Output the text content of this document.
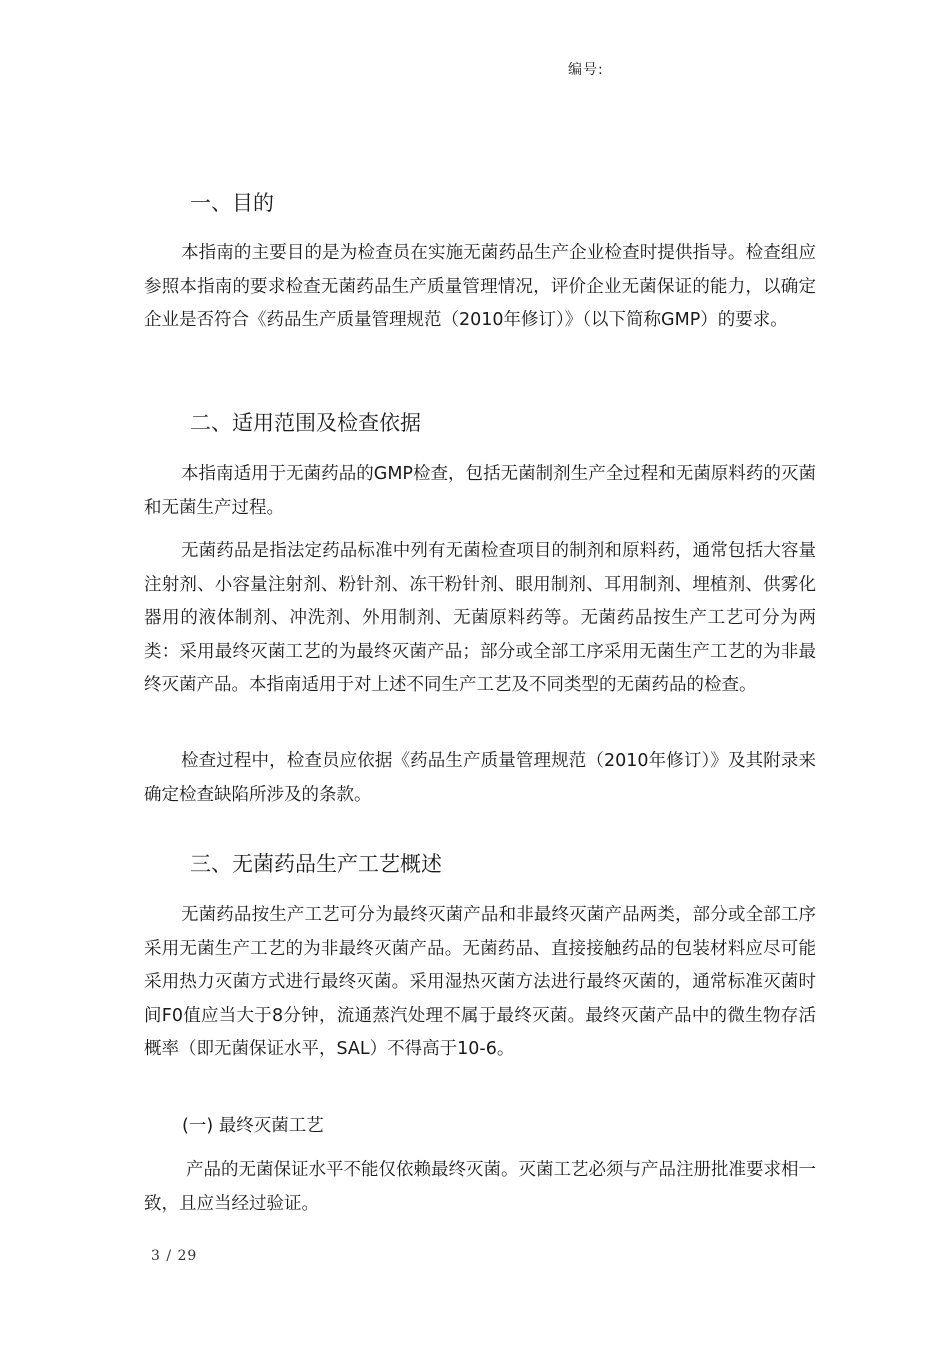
编号:
一、目的

本指南的主要目的是为检查员在实施无菌药品生产企业检查时提供指导。检查组应参照本指南的要求检查无菌药品生产质量管理情况，评价企业无菌保证的能力，以确定企业是否符合《药品生产质量管理规范（2010年修订）》（以下简称GMP）的要求。

二、适用范围及检查依据

本指南适用于无菌药品的GMP检查，包括无菌制剂生产全过程和无菌原料药的灭菌和无菌生产过程。

无菌药品是指法定药品标准中列有无菌检查项目的制剂和原料药，通常包括大容量注射剂、小容量注射剂、粉针剂、冻干粉针剂、眼用制剂、耳用制剂、埋植剂、供雾化器用的液体制剂、冲洗剂、外用制剂、无菌原料药等。无菌药品按生产工艺可分为两类：采用最终灭菌工艺的为最终灭菌产品；部分或全部工序采用无菌生产工艺的为非最终灭菌产品。本指南适用于对上述不同生产工艺及不同类型的无菌药品的检查。

检查过程中，检查员应依据《药品生产质量管理规范（2010年修订）》及其附录来确定检查缺陷所涉及的条款。

三、无菌药品生产工艺概述

无菌药品按生产工艺可分为最终灭菌产品和非最终灭菌产品两类，部分或全部工序采用无菌生产工艺的为非最终灭菌产品。无菌药品、直接接触药品的包装材料应尽可能采用热力灭菌方式进行最终灭菌。采用湿热灭菌方法进行最终灭菌的，通常标准灭菌时间F0值应当大于8分钟，流通蒸汽处理不属于最终灭菌。最终灭菌产品中的微生物存活概率（即无菌保证水平，SAL）不得高于10-6。

(一) 最终灭菌工艺

产品的无菌保证水平不能仅依赖最终灭菌。灭菌工艺必须与产品注册批准要求相一致，且应当经过验证。

3 / 29
